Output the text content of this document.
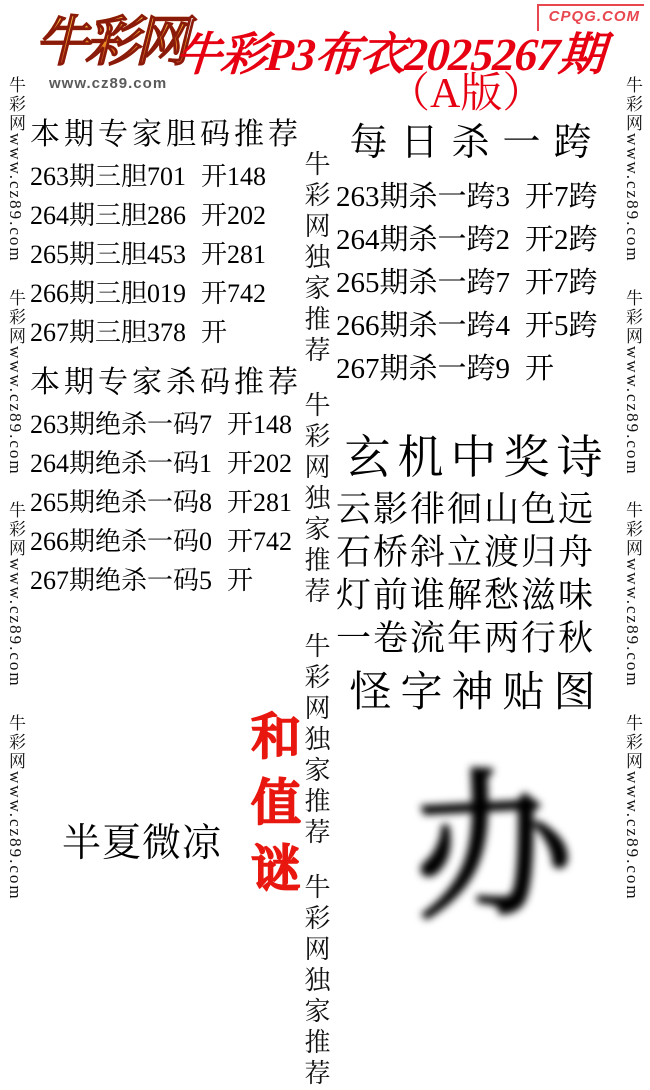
牛彩网www.cz89.com
牛彩网www.cz89.com
牛彩网www.cz89.com
牛彩网www.cz89.com
牛彩网www.cz89.com
牛彩网www.cz89.com
牛彩网www.cz89.com
牛彩网www.cz89.com
牛彩网独家推荐
牛彩网独家推荐
牛彩网独家推荐
牛彩网独家推荐
牛彩网
www.cz89.com
牛彩P3布衣2025267期
（A版）
CPQG.COM
本期专家胆码推荐
263期三胆701 开148
264期三胆286 开202
265期三胆453 开281
266期三胆019 开742
267期三胆378 开
本期专家杀码推荐
263期绝杀一码7 开148
264期绝杀一码1 开202
265期绝杀一码8 开281
266期绝杀一码0 开742
267期绝杀一码5 开
每日杀一跨
263期杀一跨3 开7跨
264期杀一跨2 开2跨
265期杀一跨7 开7跨
266期杀一跨4 开5跨
267期杀一跨9 开
玄机中奖诗
云影徘徊山色远
石桥斜立渡归舟
灯前谁解愁滋味
一卷流年两行秋
怪字神贴图
办
和值谜
半夏微凉
